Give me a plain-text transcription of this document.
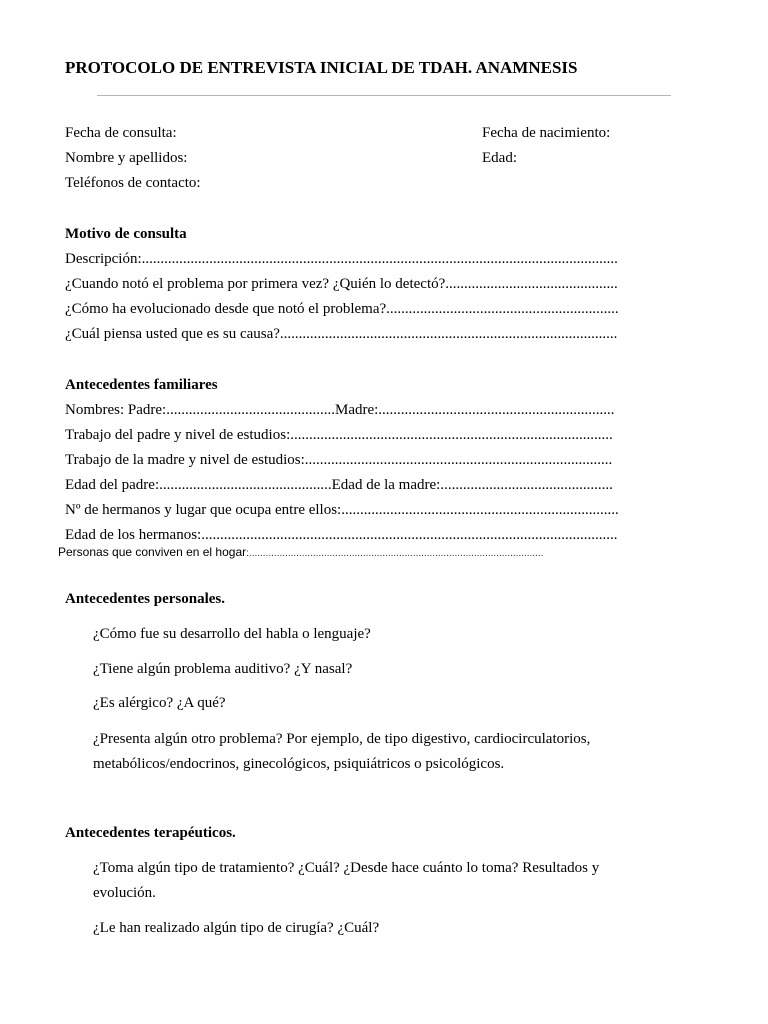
PROTOCOLO DE ENTREVISTA INICIAL DE TDAH. ANAMNESIS
Fecha de consulta:	Fecha de nacimiento:
Nombre y apellidos:	Edad:
Teléfonos de contacto:
Motivo de consulta
Descripción:...............................................................................................................................
¿Cuando notó el problema por primera vez? ¿Quién lo detectó?..............................................
¿Cómo ha evolucionado desde que notó el problema?..............................................................
¿Cuál piensa usted que es su causa?..........................................................................................
Antecedentes familiares
Nombres: Padre:.............................................Madre:...............................................................
Trabajo del padre y nivel de estudios:......................................................................................
Trabajo de la madre y nivel de estudios:..................................................................................
Edad del padre:..............................................Edad de la madre:..............................................
Nº de hermanos y lugar que ocupa entre ellos:..........................................................................
Edad de los hermanos:...............................................................................................................
Personas que conviven en el hogar:..........................................................................................................
Antecedentes personales.
¿Cómo fue su desarrollo del habla o lenguaje?
¿Tiene algún problema auditivo? ¿Y nasal?
¿Es alérgico? ¿A qué?
¿Presenta algún otro problema? Por ejemplo, de tipo digestivo, cardiocirculatorios,
metabólicos/endocrinos, ginecológicos, psiquiátricos o psicológicos.
Antecedentes terapéuticos.
¿Toma algún tipo de tratamiento? ¿Cuál? ¿Desde hace cuánto lo toma? Resultados y
evolución.
¿Le han realizado algún tipo de cirugía? ¿Cuál?
